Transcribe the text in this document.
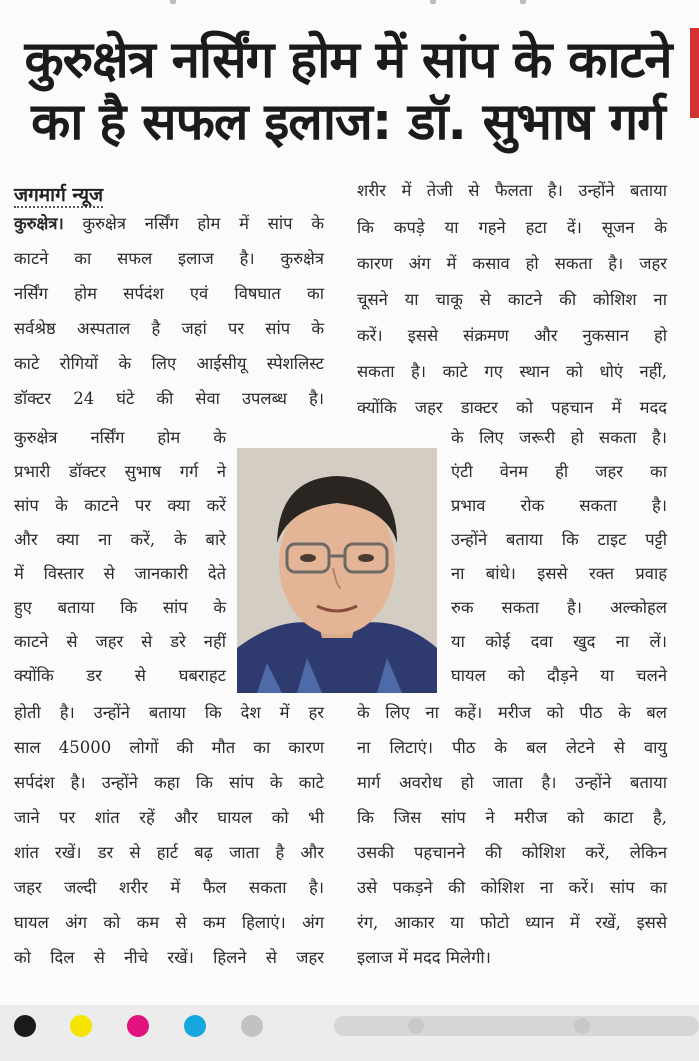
कुरुक्षेत्र नर्सिंग होम में सांप के काटने
का है सफल इलाज: डॉ. सुभाष गर्ग
जगमार्ग न्यूज
कुरुक्षेत्र। कुरुक्षेत्र नर्सिंग होम में सांप के
काटने का सफल इलाज है। कुरुक्षेत्र
नर्सिंग होम सर्पदंश एवं विषघात का
सर्वश्रेष्ठ अस्पताल है जहां पर सांप के
काटे रोगियों के लिए आईसीयू स्पेशलिस्ट
डॉक्टर 24 घंटे की सेवा उपलब्ध है।
कुरुक्षेत्र नर्सिंग होम के
प्रभारी डॉक्टर सुभाष गर्ग ने
सांप के काटने पर क्या करें
और क्या ना करें, के बारे
में विस्तार से जानकारी देते
हुए बताया कि सांप के
काटने से जहर से डरे नहीं
क्योंकि डर से घबराहट
होती है। उन्होंने बताया कि देश में हर
साल 45000 लोगों की मौत का कारण
सर्पदंश है। उन्होंने कहा कि सांप के काटे
जाने पर शांत रहें और घायल को भी
शांत रखें। डर से हार्ट बढ़ जाता है और
जहर जल्दी शरीर में फैल सकता है।
घायल अंग को कम से कम हिलाएं। अंग
को दिल से नीचे रखें। हिलने से जहर
शरीर में तेजी से फैलता है। उन्होंने बताया
कि कपड़े या गहने हटा दें। सूजन के
कारण अंग में कसाव हो सकता है। जहर
चूसने या चाकू से काटने की कोशिश ना
करें। इससे संक्रमण और नुकसान हो
सकता है। काटे गए स्थान को धोएं नहीं,
क्योंकि जहर डाक्टर को पहचान में मदद
के लिए जरूरी हो सकता है।
एंटी वेनम ही जहर का
प्रभाव रोक सकता है।
उन्होंने बताया कि टाइट पट्टी
ना बांधे। इससे रक्त प्रवाह
रुक सकता है। अल्कोहल
या कोई दवा खुद ना लें।
घायल को दौड़ने या चलने
के लिए ना कहें। मरीज को पीठ के बल
ना लिटाएं। पीठ के बल लेटने से वायु
मार्ग अवरोध हो जाता है। उन्होंने बताया
कि जिस सांप ने मरीज को काटा है,
उसकी पहचानने की कोशिश करें, लेकिन
उसे पकड़ने की कोशिश ना करें। सांप का
रंग, आकार या फोटो ध्यान में रखें, इससे
इलाज में मदद मिलेगी।
